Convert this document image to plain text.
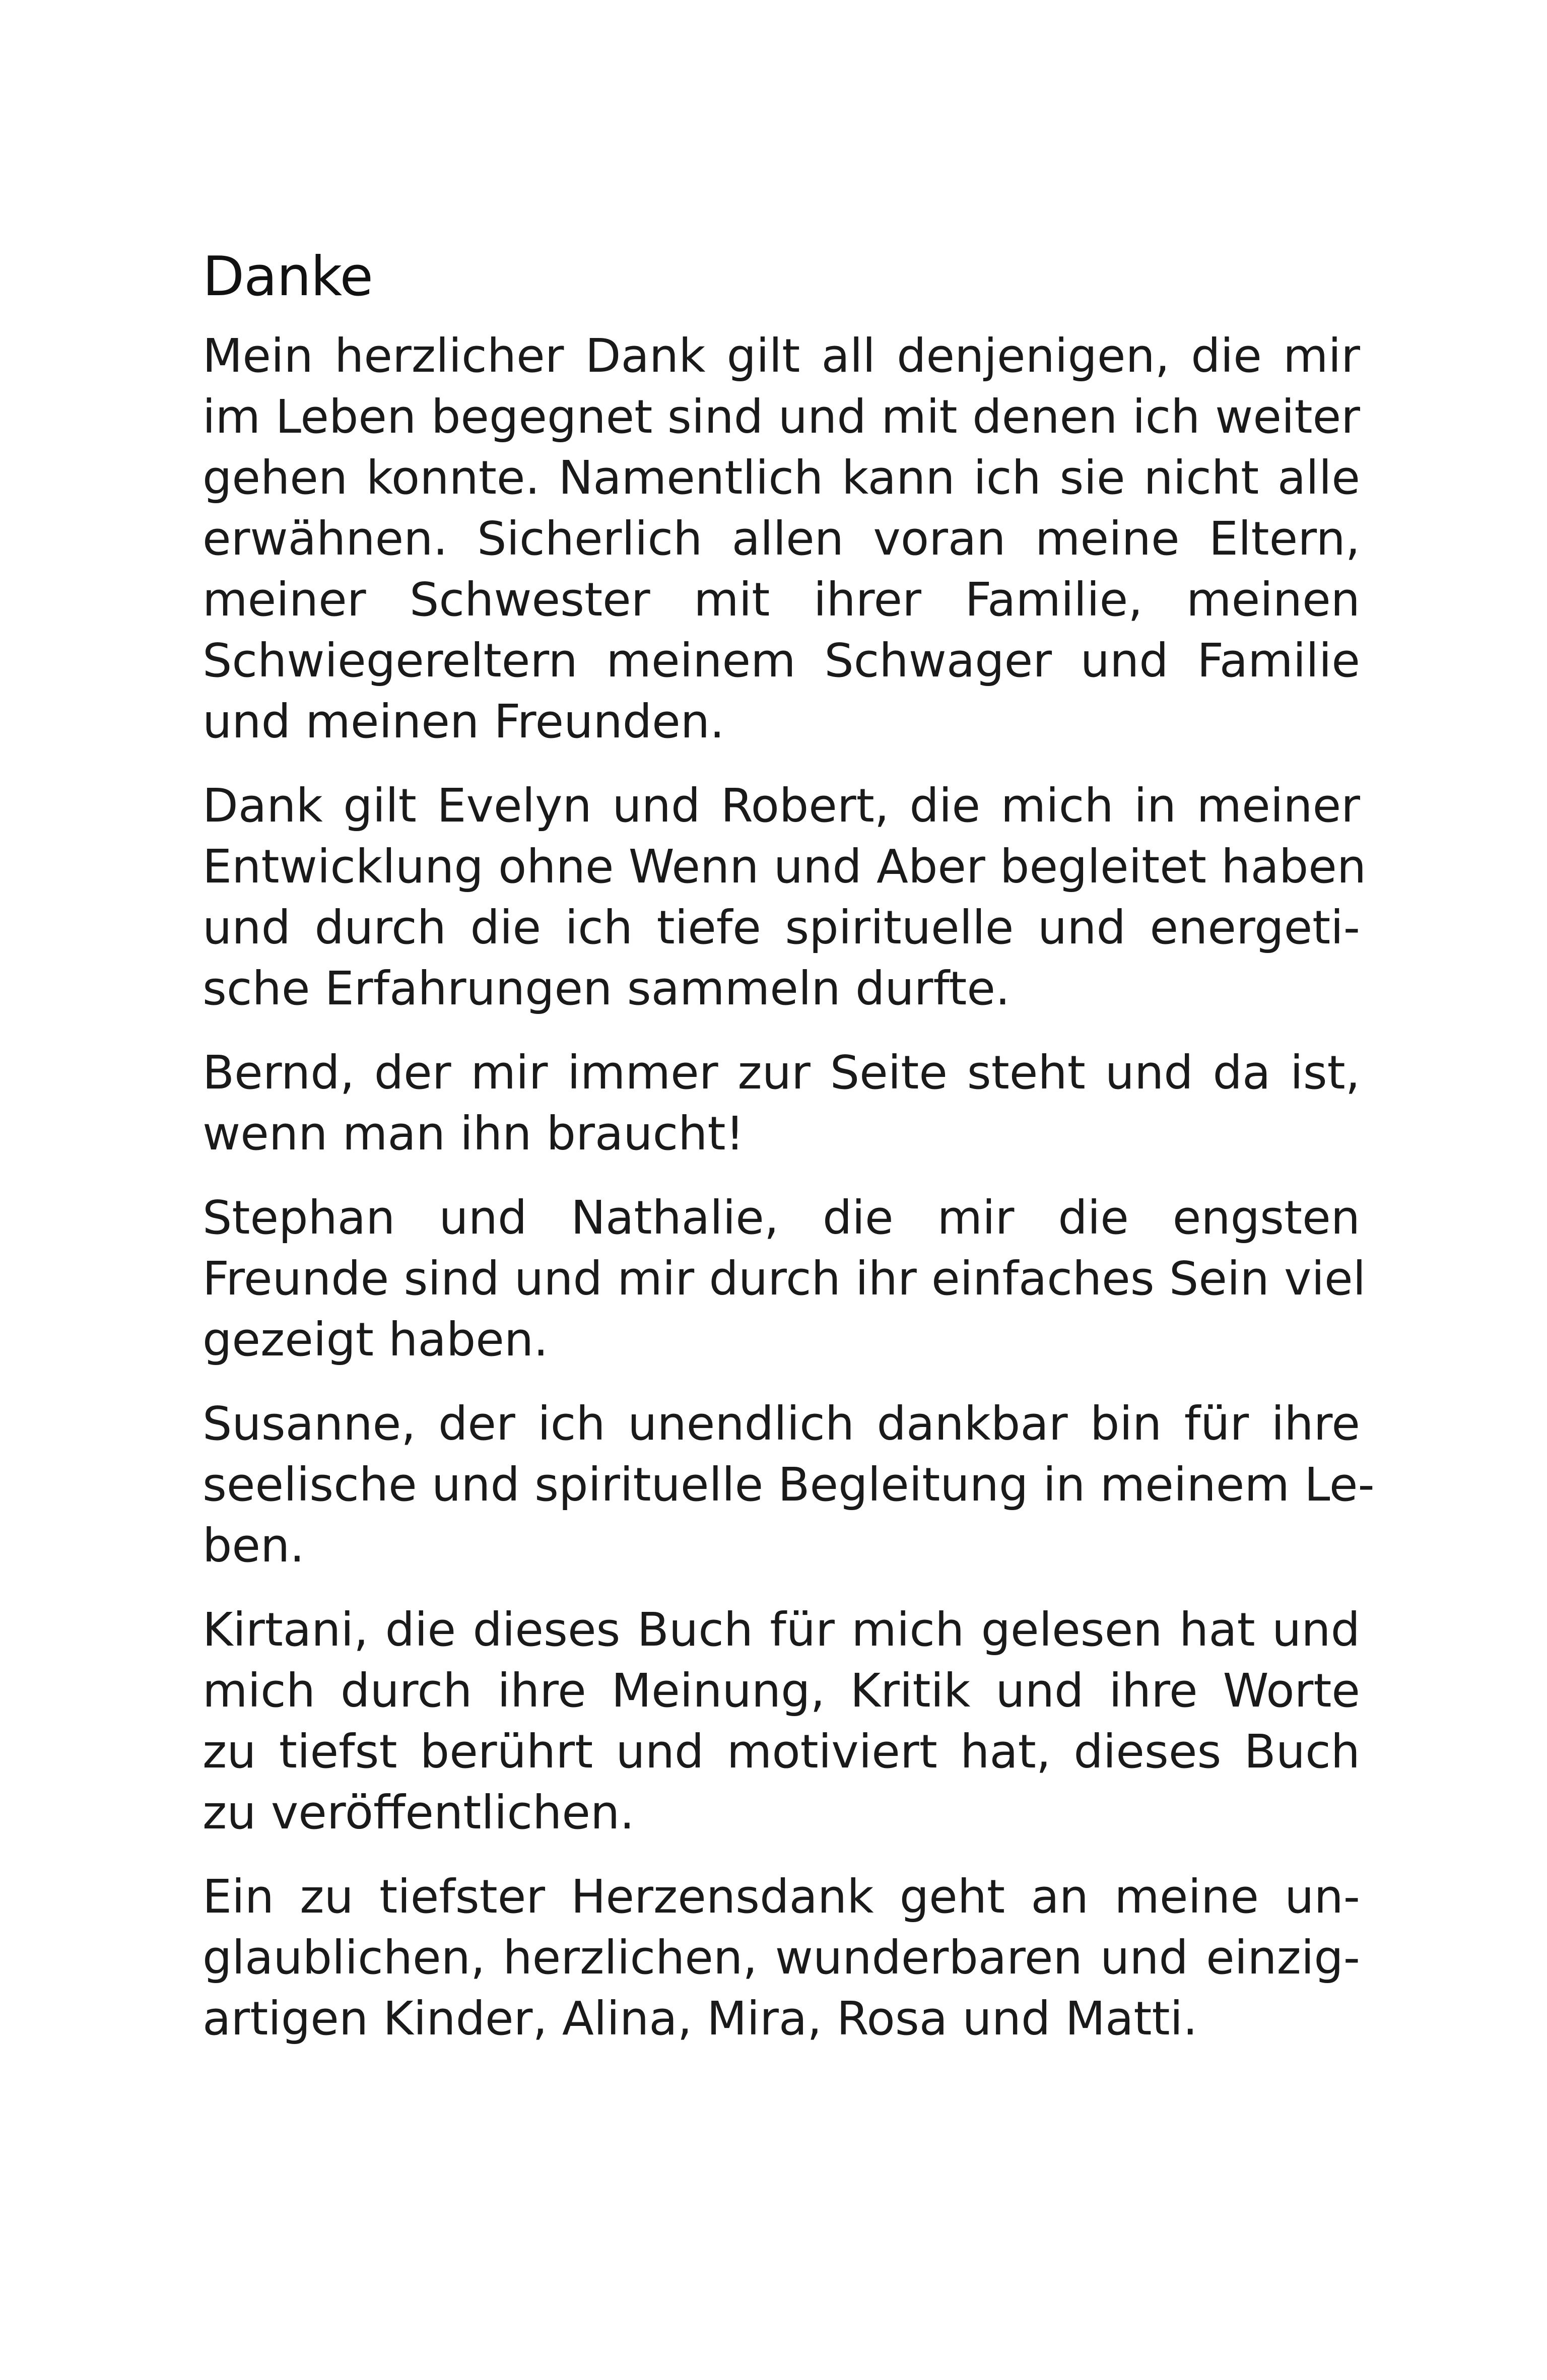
Danke
Mein herzlicher Dank gilt all denjenigen, die mir
im Leben begegnet sind und mit denen ich weiter
gehen konnte. Namentlich kann ich sie nicht alle
erwähnen. Sicherlich allen voran meine Eltern,
meiner Schwester mit ihrer Familie, meinen
Schwiegereltern meinem Schwager und Familie
und meinen Freunden.
Dank gilt Evelyn und Robert, die mich in meiner
Entwicklung ohne Wenn und Aber begleitet haben
und durch die ich tiefe spirituelle und energeti-
sche Erfahrungen sammeln durfte.
Bernd, der mir immer zur Seite steht und da ist,
wenn man ihn braucht!
Stephan und Nathalie, die mir die engsten
Freunde sind und mir durch ihr einfaches Sein viel
gezeigt haben.
Susanne, der ich unendlich dankbar bin für ihre
seelische und spirituelle Begleitung in meinem Le-
ben.
Kirtani, die dieses Buch für mich gelesen hat und
mich durch ihre Meinung, Kritik und ihre Worte
zu tiefst berührt und motiviert hat, dieses Buch
zu veröffentlichen.
Ein zu tiefster Herzensdank geht an meine un-
glaublichen, herzlichen, wunderbaren und einzig-
artigen Kinder, Alina, Mira, Rosa und Matti.
